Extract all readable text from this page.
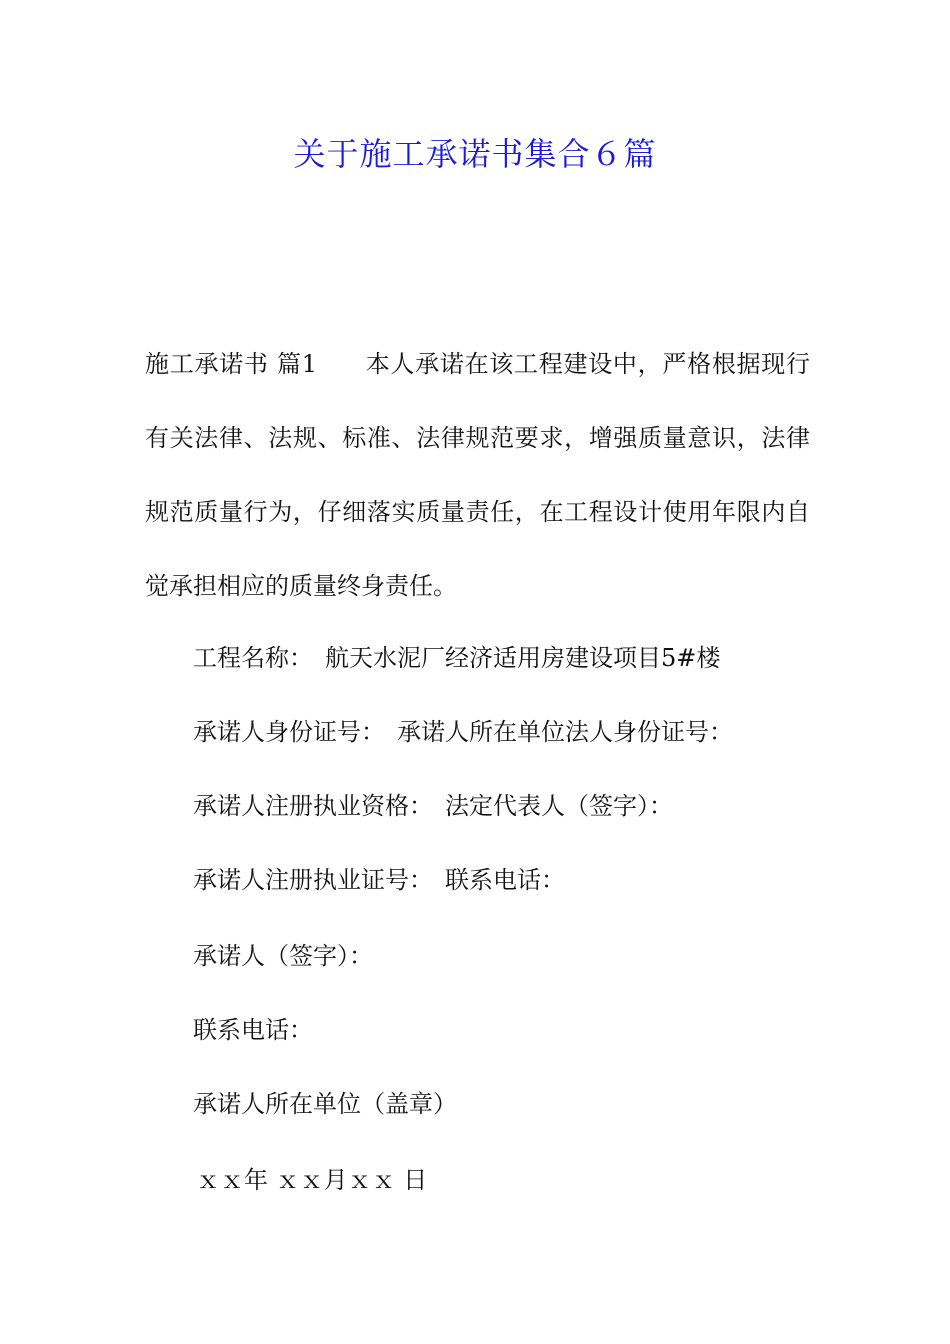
关于施工承诺书集合６篇
施工承诺书 篇1 本人承诺在该工程建设中，严格根据现行有关法律、法规、标准、法律规范要求，增强质量意识，法律规范质量行为，仔细落实质量责任，在工程设计使用年限内自觉承担相应的质量终身责任。
工程名称： 航天水泥厂经济适用房建设项目5#楼
承诺人身份证号： 承诺人所在单位法人身份证号：
承诺人注册执业资格： 法定代表人（签字）：
承诺人注册执业证号： 联系电话：
承诺人（签字）：
联系电话：
承诺人所在单位（盖章）
ｘｘ年 ｘｘ月ｘｘ 日
